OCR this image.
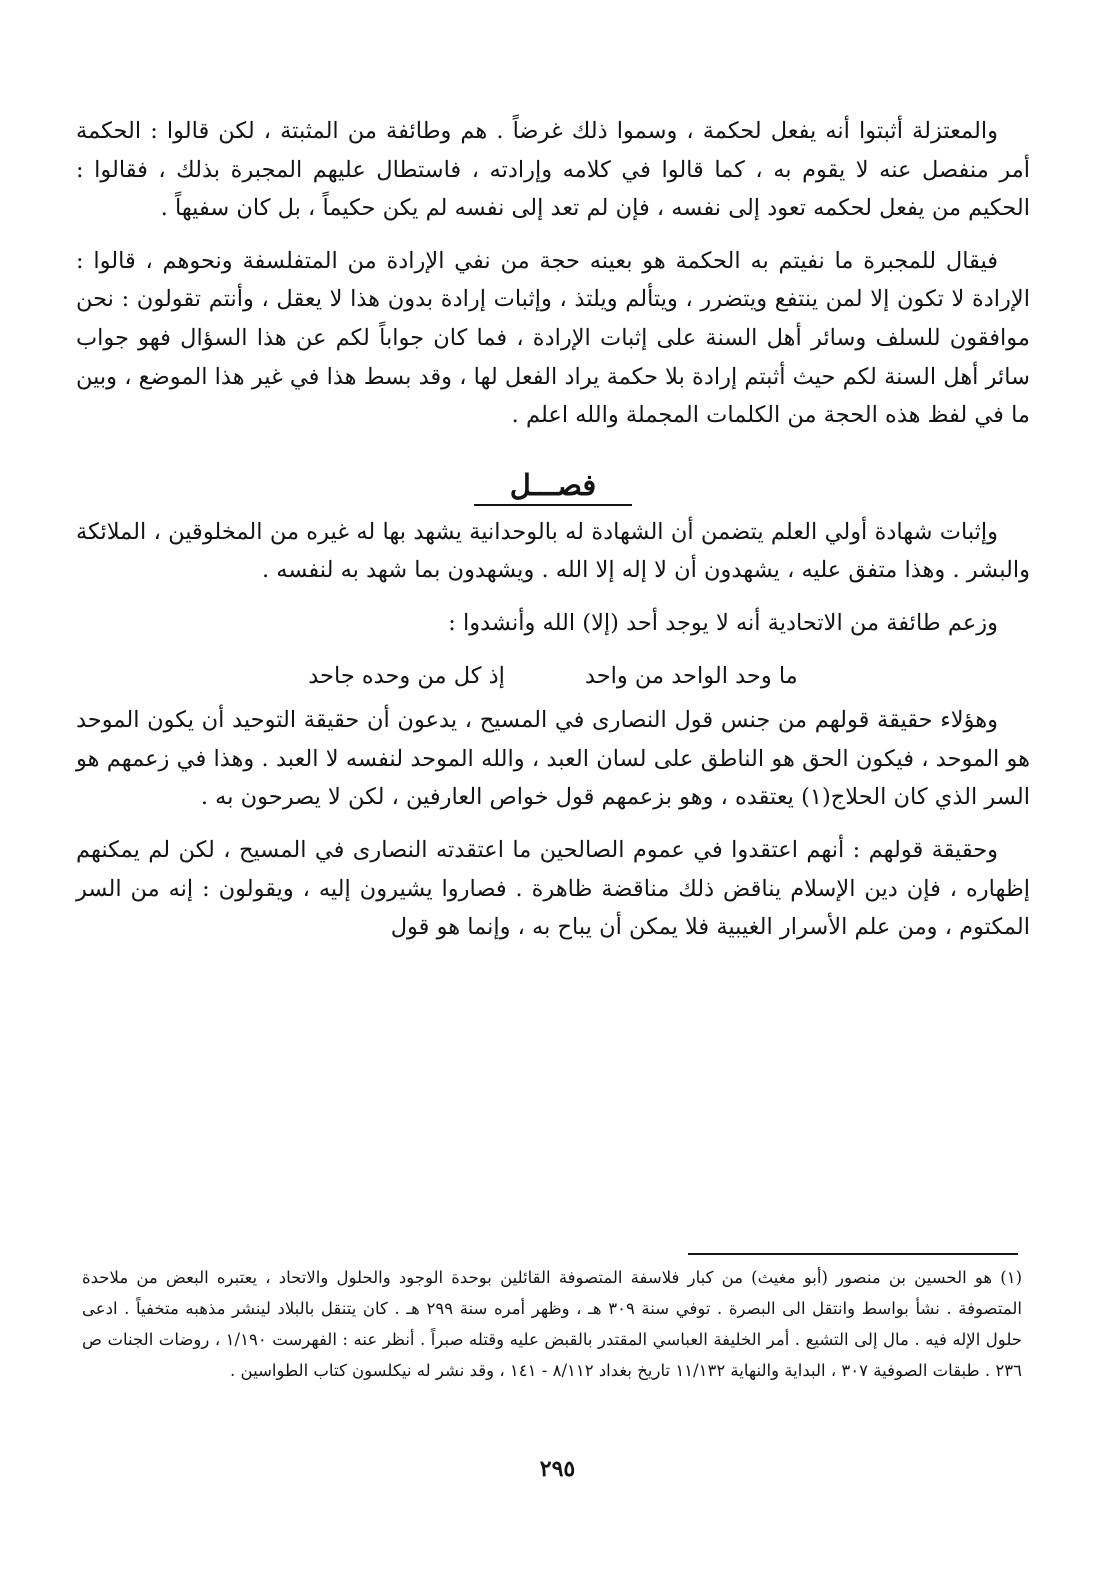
والمعتزلة أثبتوا أنه يفعل لحكمة ، وسموا ذلك غرضاً . هم وطائفة من المثبتة ، لكن قالوا : الحكمة أمر منفصل عنه لا يقوم به ، كما قالوا في كلامه وإرادته ، فاستطال عليهم المجبرة بذلك ، فقالوا : الحكيم من يفعل لحكمه تعود إلى نفسه ، فإن لم تعد إلى نفسه لم يكن حكيماً ، بل كان سفيهاً .

فيقال للمجبرة ما نفيتم به الحكمة هو بعينه حجة من نفي الإرادة من المتفلسفة ونحوهم ، قالوا : الإرادة لا تكون إلا لمن ينتفع ويتضرر ، ويتألم ويلتذ ، وإثبات إرادة بدون هذا لا يعقل ، وأنتم تقولون : نحن موافقون للسلف وسائر أهل السنة على إثبات الإرادة ، فما كان جواباً لكم عن هذا السؤال فهو جواب سائر أهل السنة لكم حيث أثبتم إرادة بلا حكمة يراد الفعل لها ، وقد بسط هذا في غير هذا الموضع ، وبين ما في لفظ هذه الحجة من الكلمات المجملة والله اعلم .

فصـــل

وإثبات شهادة أولي العلم يتضمن أن الشهادة له بالوحدانية يشهد بها له غيره من المخلوقين ، الملائكة والبشر . وهذا متفق عليه ، يشهدون أن لا إله إلا الله . ويشهدون بما شهد به لنفسه .

وزعم طائفة من الاتحادية أنه لا يوجد أحد (إلا) الله وأنشدوا :

ما وحد الواحد من واحد
إذ كل من وحده جاحد

وهؤلاء حقيقة قولهم من جنس قول النصارى في المسيح ، يدعون أن حقيقة التوحيد أن يكون الموحد هو الموحد ، فيكون الحق هو الناطق على لسان العبد ، والله الموحد لنفسه لا العبد . وهذا في زعمهم هو السر الذي كان الحلاج(١) يعتقده ، وهو بزعمهم قول خواص العارفين ، لكن لا يصرحون به .

وحقيقة قولهم : أنهم اعتقدوا في عموم الصالحين ما اعتقدته النصارى في المسيح ، لكن لم يمكنهم إظهاره ، فإن دين الإسلام يناقض ذلك مناقضة ظاهرة . فصاروا يشيرون إليه ، ويقولون : إنه من السر المكتوم ، ومن علم الأسرار الغيبية فلا يمكن أن يباح به ، وإنما هو قول

(١) هو الحسين بن منصور (أبو مغيث) من كبار فلاسفة المتصوفة القائلين بوحدة الوجود والحلول والاتحاد ، يعتبره البعض من ملاحدة المتصوفة . نشأ بواسط وانتقل الى البصرة . توفي سنة ٣٠٩ هـ ، وظهر أمره سنة ٢٩٩ هـ . كان يتنقل بالبلاد لينشر مذهبه متخفياً . ادعى حلول الإله فيه . مال إلى التشيع . أمر الخليفة العباسي المقتدر بالقبض عليه وقتله صبراً . أنظر عنه : الفهرست ١/١٩٠ ، روضات الجنات ص ٢٣٦ . طبقات الصوفية ٣٠٧ ، البداية والنهاية ١١/١٣٢ تاريخ بغداد ٨/١١٢ - ١٤١ ، وقد نشر له نيكلسون كتاب الطواسين .

٢٩٥
